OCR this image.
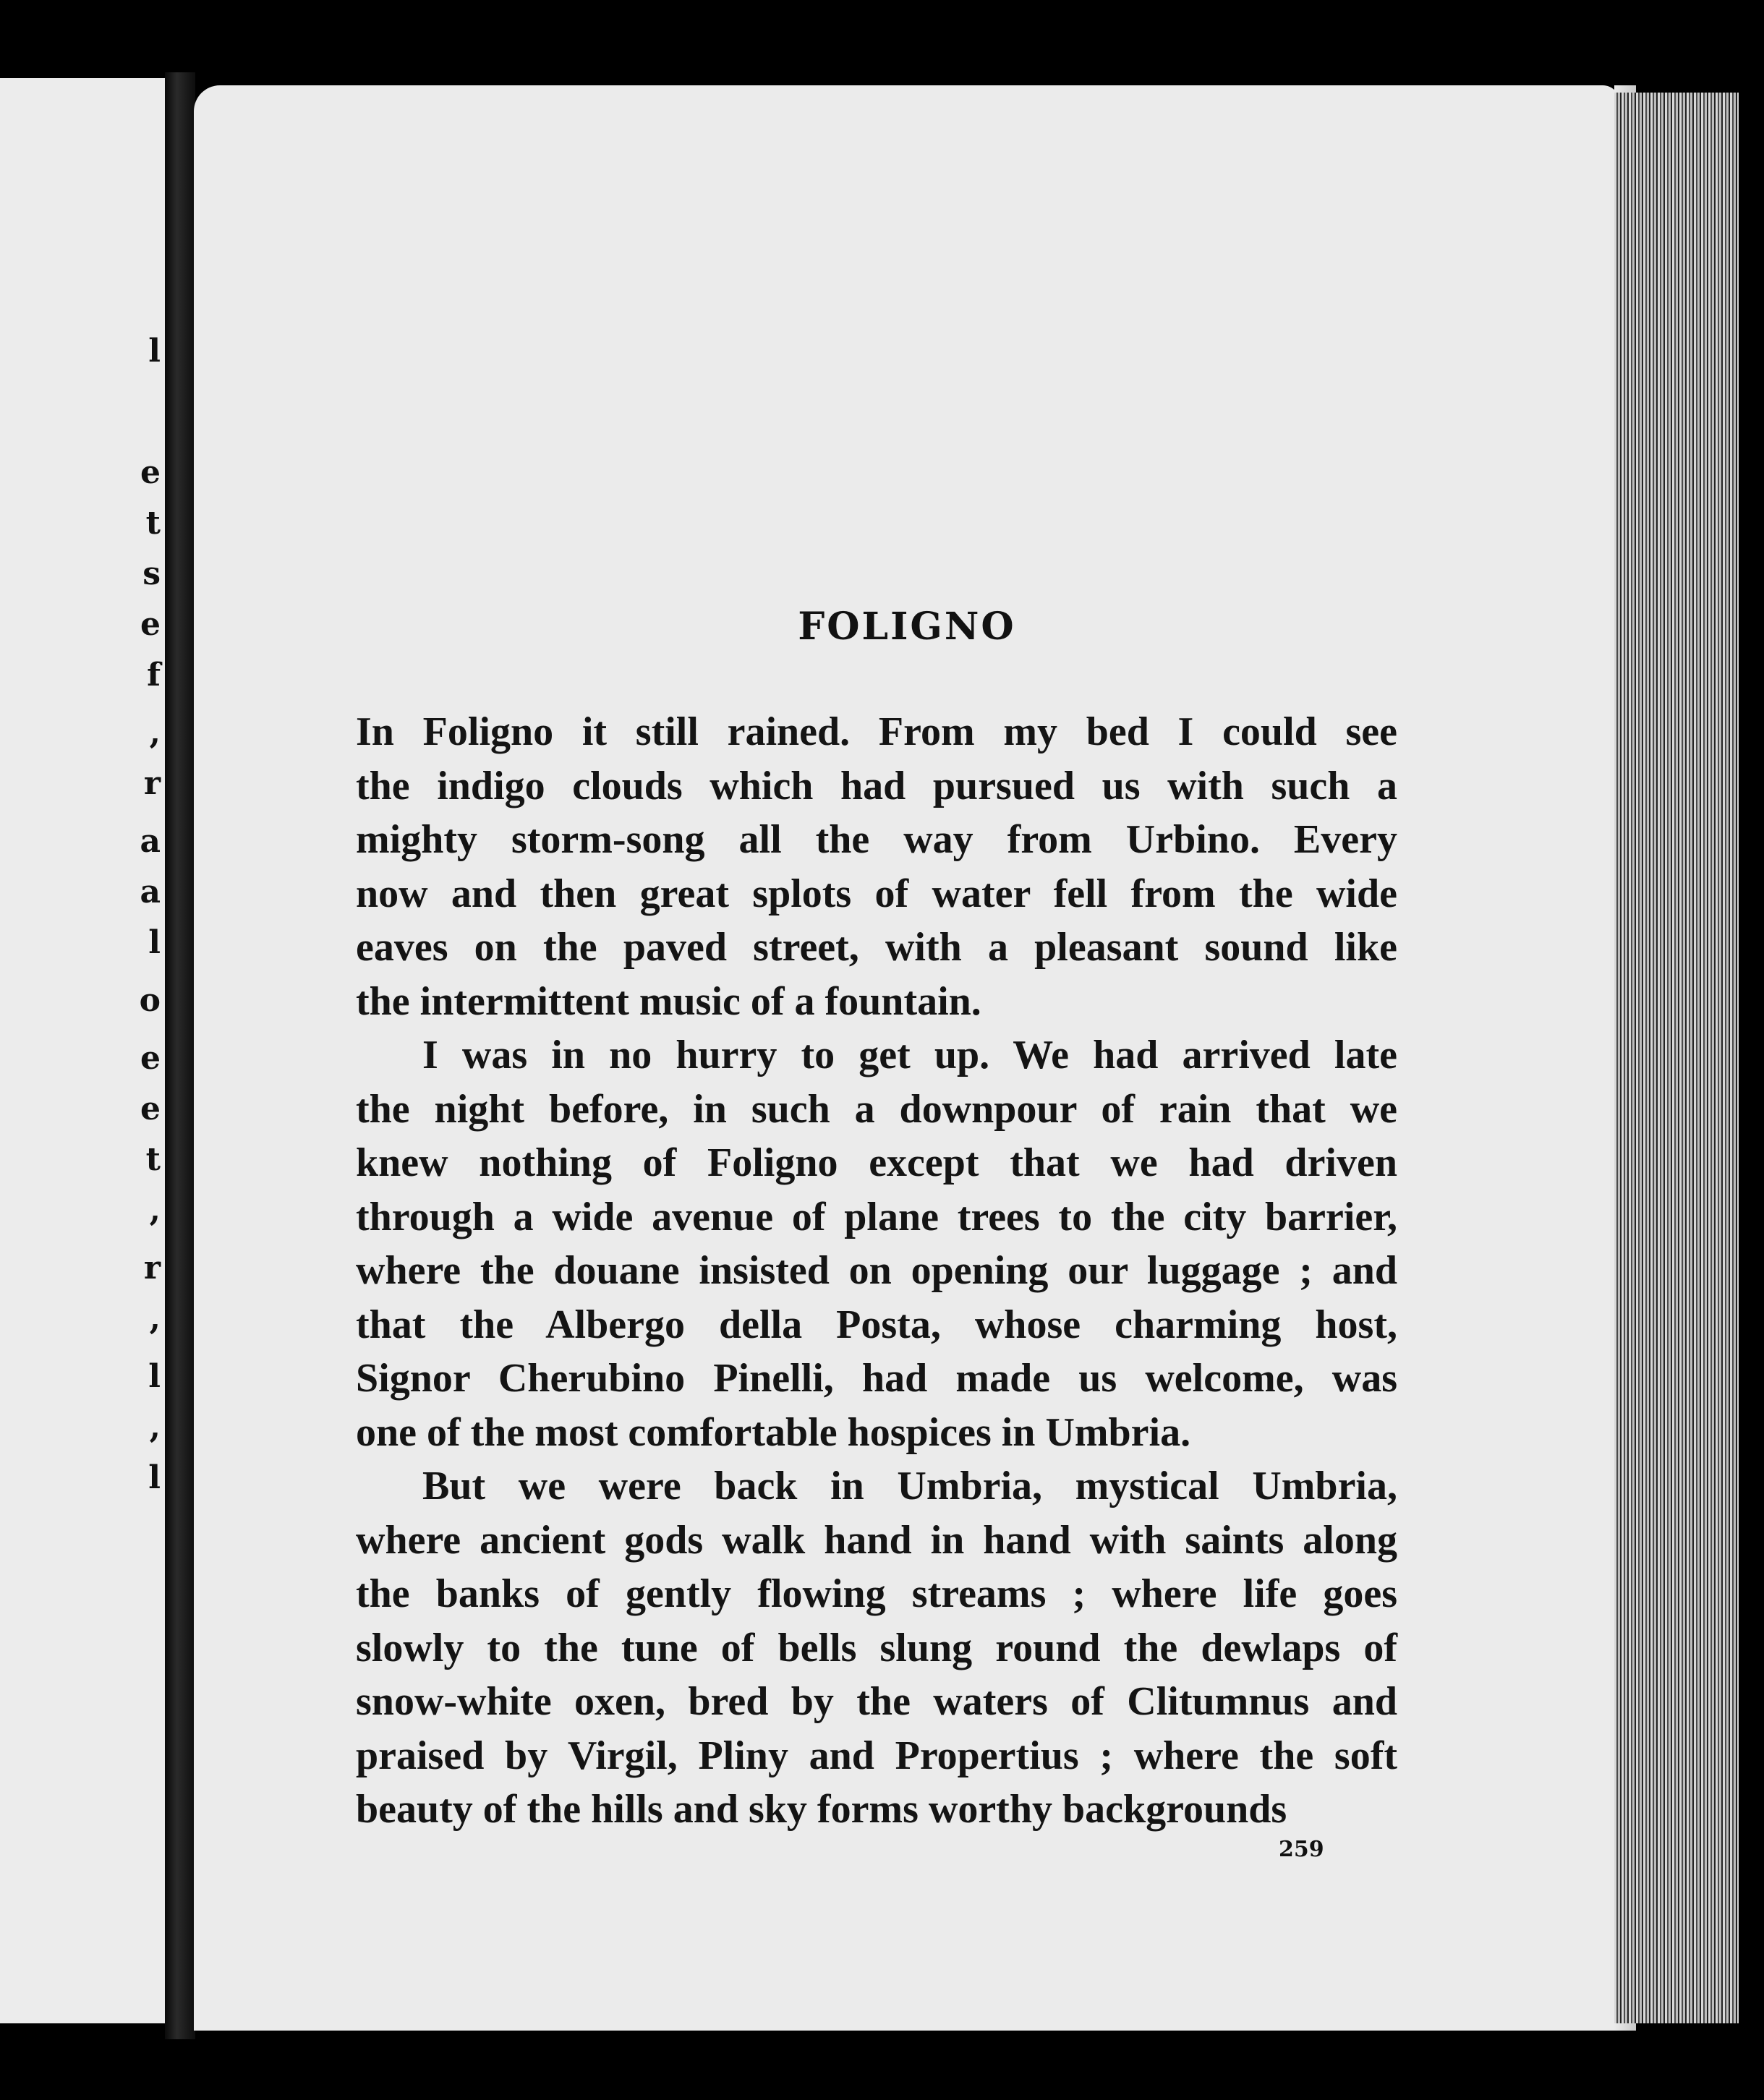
l
e
t
s
e
f
,
r
a
a
l
o
e
e
t
,
r
,
l
,
l
FOLIGNO
In Foligno it still rained. From my bed I could see
the indigo clouds which had pursued us with such a
mighty storm-song all the way from Urbino. Every
now and then great splots of water fell from the wide
eaves on the paved street, with a pleasant sound like
the intermittent music of a fountain.
I was in no hurry to get up. We had arrived late
the night before, in such a downpour of rain that we
knew nothing of Foligno except that we had driven
through a wide avenue of plane trees to the city barrier,
where the douane insisted on opening our luggage ; and
that the Albergo della Posta, whose charming host,
Signor Cherubino Pinelli, had made us welcome, was
one of the most comfortable hospices in Umbria.
But we were back in Umbria, mystical Umbria,
where ancient gods walk hand in hand with saints along
the banks of gently flowing streams ; where life goes
slowly to the tune of bells slung round the dewlaps of
snow-white oxen, bred by the waters of Clitumnus and
praised by Virgil, Pliny and Propertius ; where the soft
beauty of the hills and sky forms worthy backgrounds
259
